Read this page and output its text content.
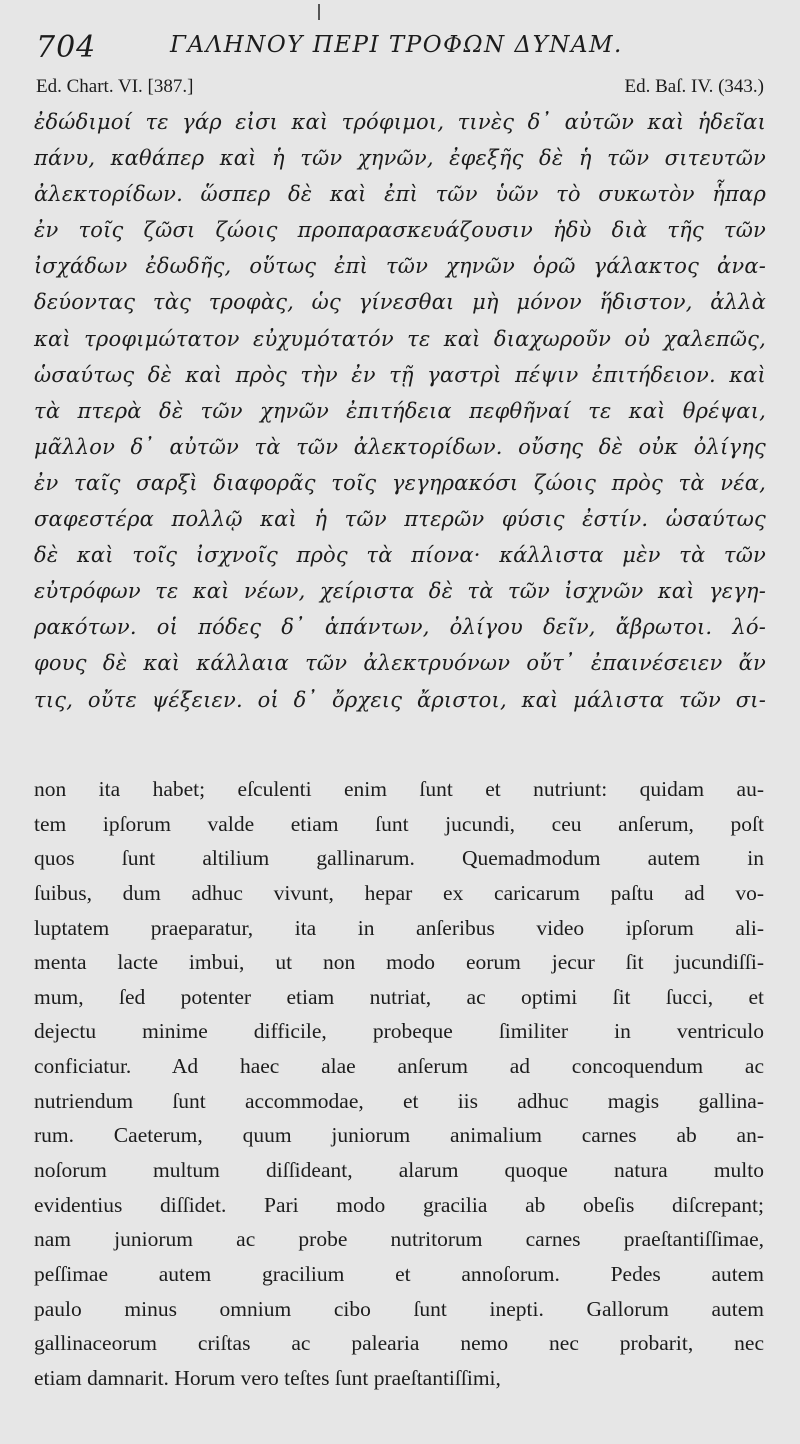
704	ΓΑΛΗΝΟΥ ΠΕΡΙ ΤΡΟΦΩΝ ΔΥΝΑΜ.
Ed. Chart. VI. [387.]	Ed. Baſ. IV. (343.)
ἐδώδιμοί τε γάρ εἰσι καὶ τρόφιμοι, τινὲς δ᾿ αὐτῶν καὶ ἡδεῖαι
πάνυ, καθάπερ καὶ ἡ τῶν χηνῶν, ἐφεξῆς δὲ ἡ τῶν σιτευτῶν
ἀλεκτορίδων. ὥσπερ δὲ καὶ ἐπὶ τῶν ὑῶν τὸ συκωτὸν ἧπαρ
ἐν τοῖς ζῶσι ζώοις προπαρασκευάζουσιν ἡδὺ διὰ τῆς τῶν
ἰσχάδων ἐδωδῆς, οὕτως ἐπὶ τῶν χηνῶν ὁρῶ γάλακτος ἀνα-
δεύοντας τὰς τροφὰς, ὡς γίνεσθαι μὴ μόνον ἥδιστον, ἀλλὰ
καὶ τροφιμώτατον εὐχυμότατόν τε καὶ διαχωροῦν οὐ χαλεπῶς,
ὡσαύτως δὲ καὶ πρὸς τὴν ἐν τῇ γαστρὶ πέψιν ἐπιτήδειον. καὶ
τὰ πτερὰ δὲ τῶν χηνῶν ἐπιτήδεια πεφθῆναί τε καὶ θρέψαι,
μᾶλλον δ᾿ αὐτῶν τὰ τῶν ἀλεκτορίδων. οὔσης δὲ οὐκ ὀλίγης
ἐν ταῖς σαρξὶ διαφορᾶς τοῖς γεγηρακόσι ζώοις πρὸς τὰ νέα,
σαφεστέρα πολλῷ καὶ ἡ τῶν πτερῶν φύσις ἐστίν. ὡσαύτως
δὲ καὶ τοῖς ἰσχνοῖς πρὸς τὰ πίονα· κάλλιστα μὲν τὰ τῶν
εὐτρόφων τε καὶ νέων, χείριστα δὲ τὰ τῶν ἰσχνῶν καὶ γεγη-
ρακότων. οἱ πόδες δ᾿ ἁπάντων, ὀλίγου δεῖν, ἄβρωτοι. λό-
φους δὲ καὶ κάλλαια τῶν ἀλεκτρυόνων οὔτ᾿ ἐπαινέσειεν ἄν
τις, οὔτε ψέξειεν. οἱ δ᾿ ὄρχεις ἄριστοι, καὶ μάλιστα τῶν σι-
non ita habet; eſculenti enim ſunt et nutriunt: quidam au-
tem ipſorum valde etiam ſunt jucundi, ceu anſerum, poſt
quos ſunt altilium gallinarum. Quemadmodum autem in
ſuibus, dum adhuc vivunt, hepar ex caricarum paſtu ad vo-
luptatem praeparatur, ita in anſeribus video ipſorum ali-
menta lacte imbui, ut non modo eorum jecur ſit jucundiſſi-
mum, ſed potenter etiam nutriat, ac optimi ſit ſucci, et
dejectu minime difficile, probeque ſimiliter in ventriculo
conficiatur. Ad haec alae anſerum ad concoquendum ac
nutriendum ſunt accommodae, et iis adhuc magis gallina-
rum. Caeterum, quum juniorum animalium carnes ab an-
noſorum multum diſſideant, alarum quoque natura multo
evidentius diſſidet. Pari modo gracilia ab obeſis diſcrepant;
nam juniorum ac probe nutritorum carnes praeſtantiſſimae,
peſſimae autem gracilium et annoſorum. Pedes autem
paulo minus omnium cibo ſunt inepti. Gallorum autem
gallinaceorum criſtas ac palearia nemo nec probarit, nec
etiam damnarit. Horum vero teſtes ſunt praeſtantiſſimi,
